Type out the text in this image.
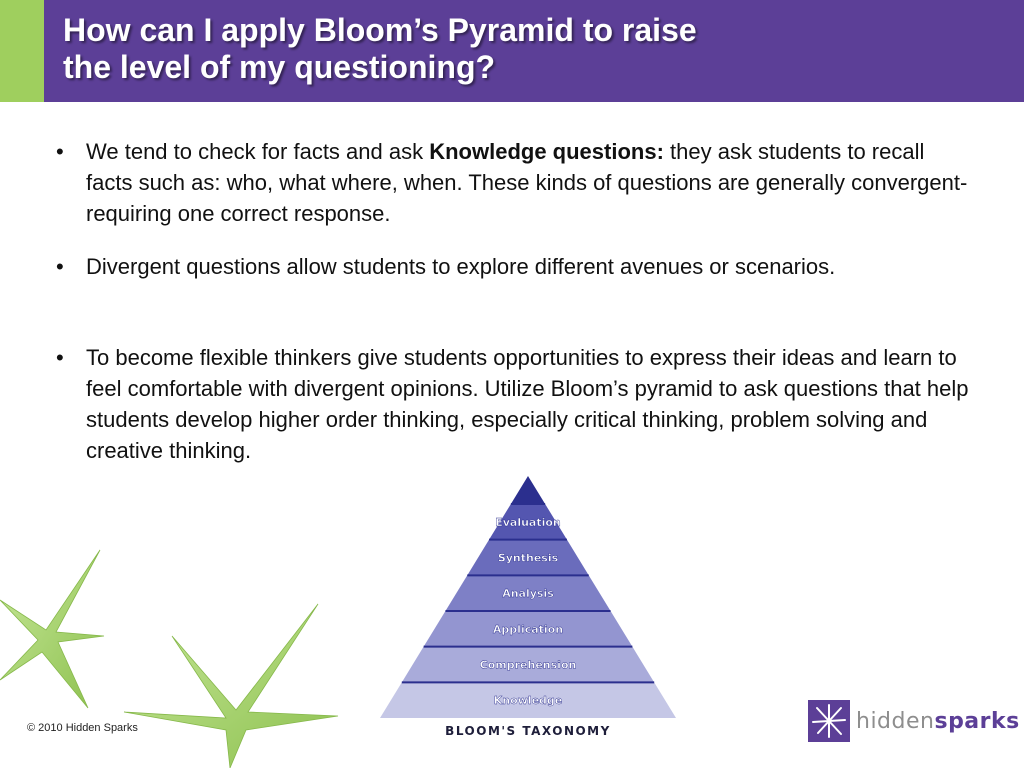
How can I apply Bloom’s Pyramid to raise
the level of my questioning?
• We tend to check for facts and ask Knowledge questions: they ask students to recall facts such as: who, what where, when. These kinds of questions are generally convergent- requiring one correct response.
• Divergent questions allow students to explore different avenues or scenarios.
• To become flexible thinkers give students opportunities to express their ideas and learn to feel comfortable with divergent opinions. Utilize Bloom’s pyramid to ask questions that help students develop higher order thinking, especially critical thinking, problem solving and creative thinking.
Evaluation
Synthesis
Analysis
Application
Comprehension
Knowledge
BLOOM'S TAXONOMY
© 2010 Hidden Sparks	hiddensparks
